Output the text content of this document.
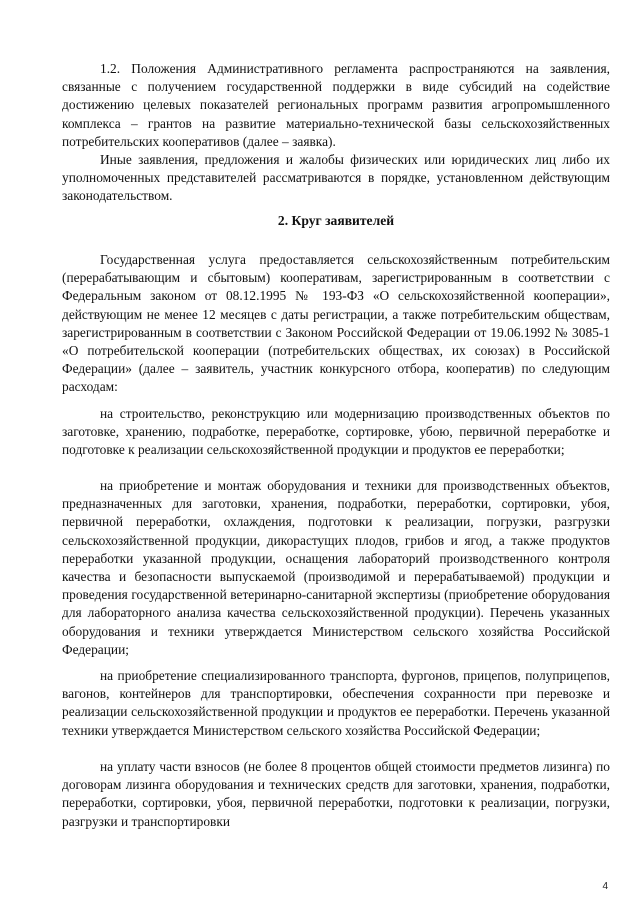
1.2. Положения Административного регламента распространяются на заявления, связанные с получением государственной поддержки в виде субсидий на содействие достижению целевых показателей региональных программ развития агропромышленного комплекса – грантов на развитие материально-технической базы сельскохозяйственных потребительских кооперативов (далее – заявка).

Иные заявления, предложения и жалобы физических или юридических лиц либо их уполномоченных представителей рассматриваются в порядке, установленном действующим законодательством.

2. Круг заявителей

Государственная услуга предоставляется сельскохозяйственным потребительским (перерабатывающим и сбытовым) кооперативам, зарегистрированным в соответствии с Федеральным законом от 08.12.1995 № 193-ФЗ «О сельскохозяйственной кооперации», действующим не менее 12 месяцев с даты регистрации, а также потребительским обществам, зарегистрированным в соответствии с Законом Российской Федерации от 19.06.1992 № 3085-1 «О потребительской кооперации (потребительских обществах, их союзах) в Российской Федерации» (далее – заявитель, участник конкурсного отбора, кооператив) по следующим расходам:

на строительство, реконструкцию или модернизацию производственных объектов по заготовке, хранению, подработке, переработке, сортировке, убою, первичной переработке и подготовке к реализации сельскохозяйственной продукции и продуктов ее переработки;

на приобретение и монтаж оборудования и техники для производственных объектов, предназначенных для заготовки, хранения, подработки, переработки, сортировки, убоя, первичной переработки, охлаждения, подготовки к реализации, погрузки, разгрузки сельскохозяйственной продукции, дикорастущих плодов, грибов и ягод, а также продуктов переработки указанной продукции, оснащения лабораторий производственного контроля качества и безопасности выпускаемой (производимой и перерабатываемой) продукции и проведения государственной ветеринарно-санитарной экспертизы (приобретение оборудования для лабораторного анализа качества сельскохозяйственной продукции). Перечень указанных оборудования и техники утверждается Министерством сельского хозяйства Российской Федерации;

на приобретение специализированного транспорта, фургонов, прицепов, полуприцепов, вагонов, контейнеров для транспортировки, обеспечения сохранности при перевозке и реализации сельскохозяйственной продукции и продуктов ее переработки. Перечень указанной техники утверждается Министерством сельского хозяйства Российской Федерации;

на уплату части взносов (не более 8 процентов общей стоимости предметов лизинга) по договорам лизинга оборудования и технических средств для заготовки, хранения, подработки, переработки, сортировки, убоя, первичной переработки, подготовки к реализации, погрузки, разгрузки и транспортировки

4
